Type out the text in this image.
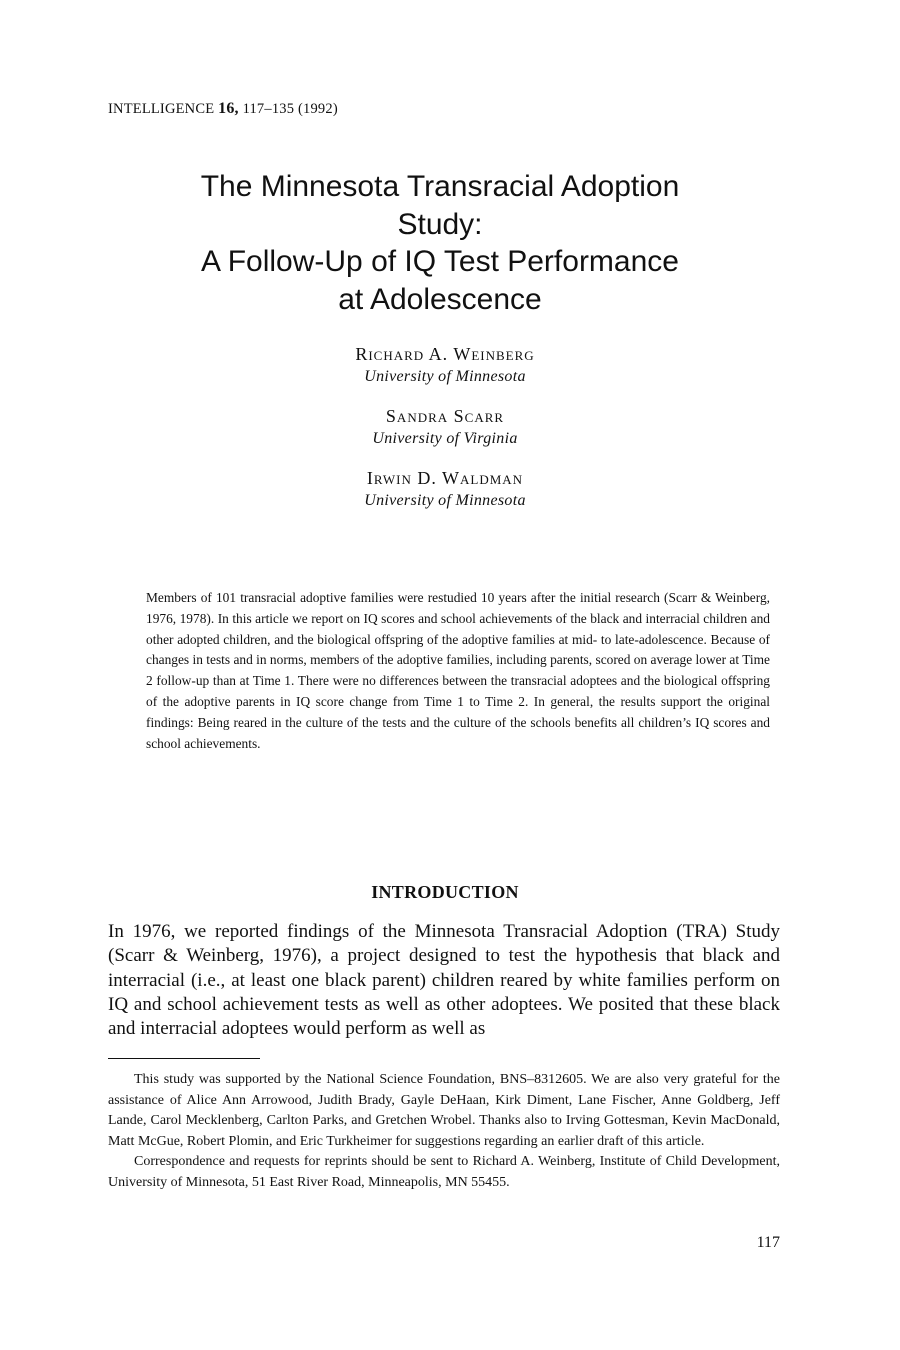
INTELLIGENCE 16, 117–135 (1992)
The Minnesota Transracial Adoption
Study:
A Follow-Up of IQ Test Performance
at Adolescence
Richard A. Weinberg
University of Minnesota
Sandra Scarr
University of Virginia
Irwin D. Waldman
University of Minnesota

Members of 101 transracial adoptive families were restudied 10 years after the initial research (Scarr & Weinberg, 1976, 1978). In this article we report on IQ scores and school achievements of the black and interracial children and other adopted children, and the biological offspring of the adoptive families at mid- to late-adolescence. Because of changes in tests and in norms, members of the adoptive families, including parents, scored on average lower at Time 2 follow-up than at Time 1. There were no differences between the transracial adoptees and the biological offspring of the adoptive parents in IQ score change from Time 1 to Time 2. In general, the results support the original findings: Being reared in the culture of the tests and the culture of the schools benefits all children’s IQ scores and school achievements.

INTRODUCTION

In 1976, we reported findings of the Minnesota Transracial Adoption (TRA) Study (Scarr & Weinberg, 1976), a project designed to test the hypothesis that black and interracial (i.e., at least one black parent) children reared by white families perform on IQ and school achievement tests as well as other adoptees. We posited that these black and interracial adoptees would perform as well as

This study was supported by the National Science Foundation, BNS–8312605. We are also very grateful for the assistance of Alice Ann Arrowood, Judith Brady, Gayle DeHaan, Kirk Diment, Lane Fischer, Anne Goldberg, Jeff Lande, Carol Mecklenberg, Carlton Parks, and Gretchen Wrobel. Thanks also to Irving Gottesman, Kevin MacDonald, Matt McGue, Robert Plomin, and Eric Turkheimer for suggestions regarding an earlier draft of this article.

Correspondence and requests for reprints should be sent to Richard A. Weinberg, Institute of Child Development, University of Minnesota, 51 East River Road, Minneapolis, MN 55455.

117
